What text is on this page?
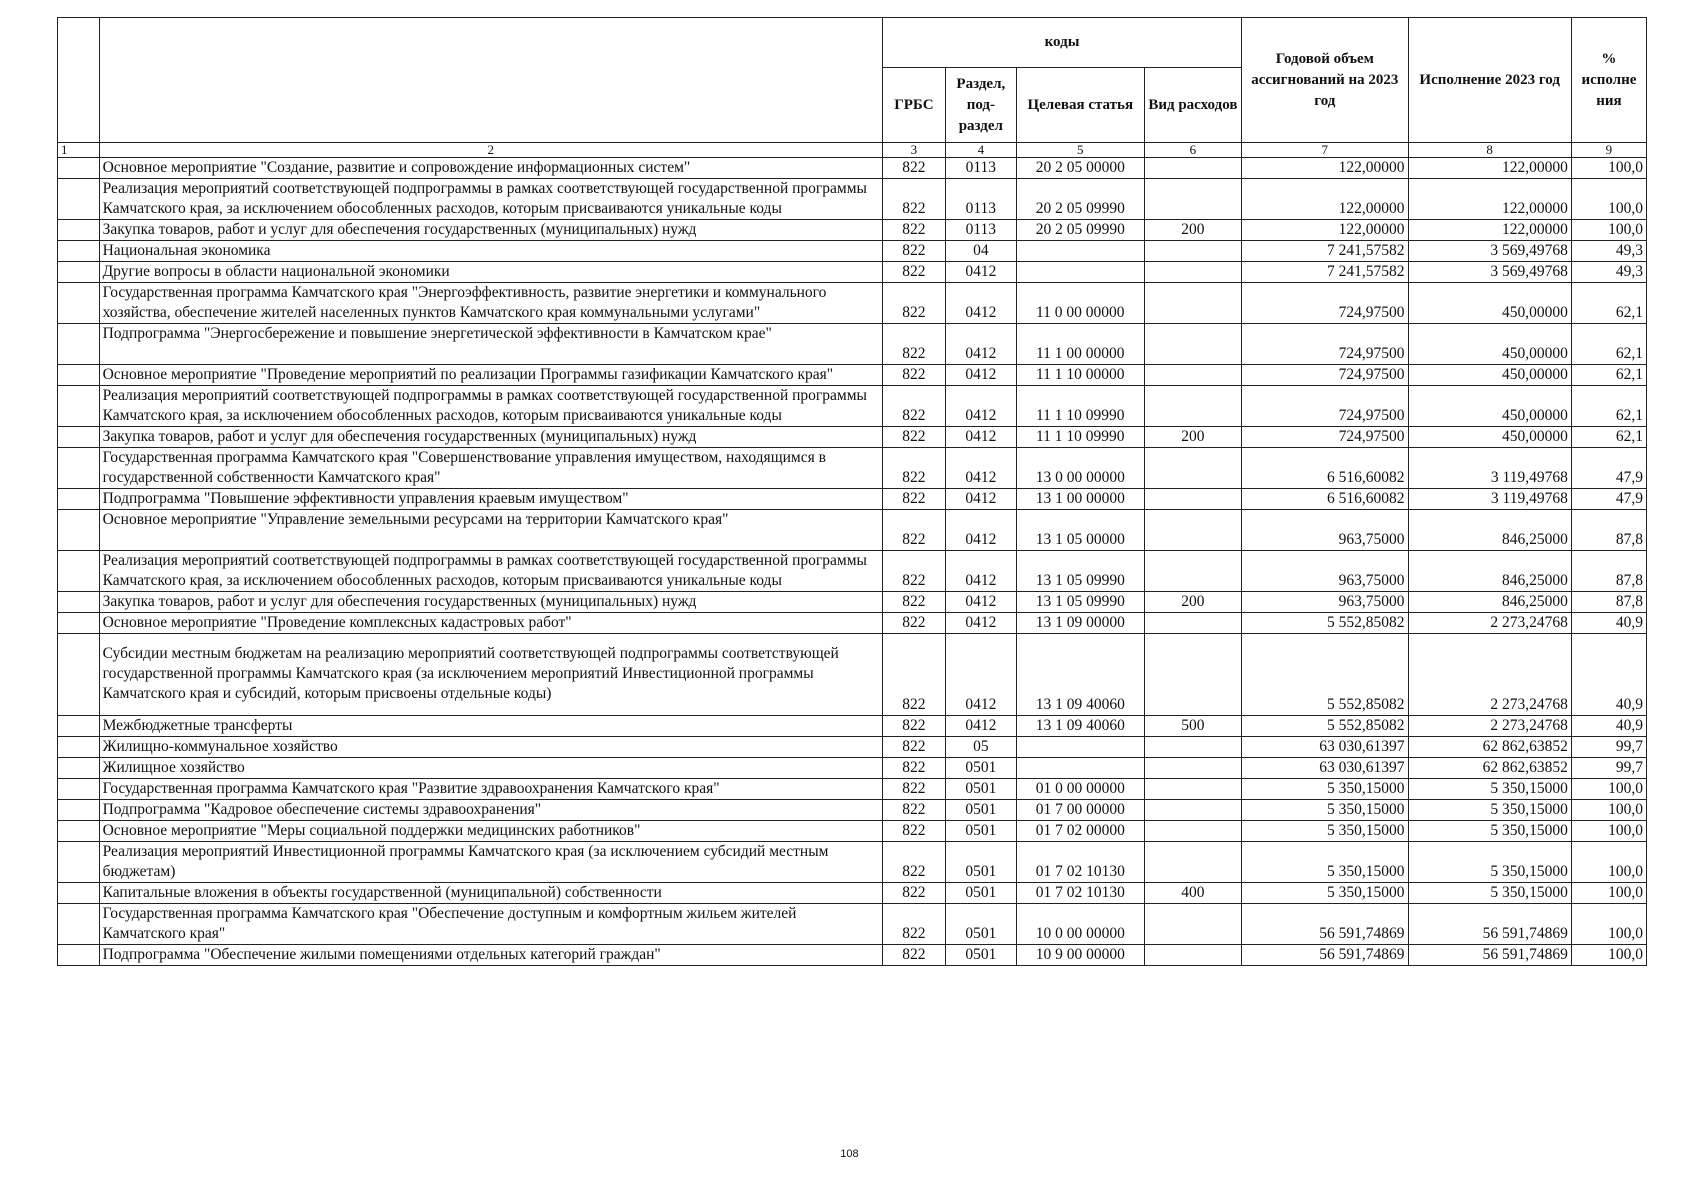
		коды				Годовой объем ассигнований на 2023 год	Исполнение 2023 год	% исполне ния
		ГРБС	Раздел, под-раздел	Целевая статья	Вид расходов			
1	2	3	4	5	6	7	8	9
	Основное мероприятие "Создание, развитие и сопровождение информационных систем"	822	0113	20 2 05 00000		122,00000	122,00000	100,0
	Реализация мероприятий соответствующей подпрограммы в рамках соответствующей государственной программы Камчатского края, за исключением обособленных расходов, которым присваиваются уникальные коды	822	0113	20 2 05 09990		122,00000	122,00000	100,0
	Закупка товаров, работ и услуг для обеспечения государственных (муниципальных) нужд	822	0113	20 2 05 09990	200	122,00000	122,00000	100,0
	Национальная экономика	822	04			7 241,57582	3 569,49768	49,3
	Другие вопросы в области национальной экономики	822	0412			7 241,57582	3 569,49768	49,3
	Государственная программа Камчатского края "Энергоэффективность, развитие энергетики и коммунального хозяйства, обеспечение жителей населенных пунктов Камчатского края коммунальными услугами"	822	0412	11 0 00 00000		724,97500	450,00000	62,1
	Подпрограмма "Энергосбережение и повышение энергетической эффективности в Камчатском крае"	822	0412	11 1 00 00000		724,97500	450,00000	62,1
	Основное мероприятие "Проведение мероприятий по реализации Программы газификации Камчатского края"	822	0412	11 1 10 00000		724,97500	450,00000	62,1
	Реализация мероприятий соответствующей подпрограммы в рамках соответствующей государственной программы Камчатского края, за исключением обособленных расходов, которым присваиваются уникальные коды	822	0412	11 1 10 09990		724,97500	450,00000	62,1
	Закупка товаров, работ и услуг для обеспечения государственных (муниципальных) нужд	822	0412	11 1 10 09990	200	724,97500	450,00000	62,1
	Государственная программа Камчатского края "Совершенствование управления имуществом, находящимся в государственной собственности Камчатского края"	822	0412	13 0 00 00000		6 516,60082	3 119,49768	47,9
	Подпрограмма "Повышение эффективности управления краевым имуществом"	822	0412	13 1 00 00000		6 516,60082	3 119,49768	47,9
	Основное мероприятие "Управление земельными ресурсами на территории Камчатского края"	822	0412	13 1 05 00000		963,75000	846,25000	87,8
	Реализация мероприятий соответствующей подпрограммы в рамках соответствующей государственной программы Камчатского края, за исключением обособленных расходов, которым присваиваются уникальные коды	822	0412	13 1 05 09990		963,75000	846,25000	87,8
	Закупка товаров, работ и услуг для обеспечения государственных (муниципальных) нужд	822	0412	13 1 05 09990	200	963,75000	846,25000	87,8
	Основное мероприятие "Проведение комплексных кадастровых работ"	822	0412	13 1 09 00000		5 552,85082	2 273,24768	40,9
	Субсидии местным бюджетам на реализацию мероприятий соответствующей подпрограммы соответствующей государственной программы Камчатского края (за исключением мероприятий Инвестиционной программы Камчатского края и субсидий, которым присвоены отдельные коды)	822	0412	13 1 09 40060		5 552,85082	2 273,24768	40,9
	Межбюджетные трансферты	822	0412	13 1 09 40060	500	5 552,85082	2 273,24768	40,9
	Жилищно-коммунальное хозяйство	822	05			63 030,61397	62 862,63852	99,7
	Жилищное хозяйство	822	0501			63 030,61397	62 862,63852	99,7
	Государственная программа Камчатского края "Развитие здравоохранения Камчатского края"	822	0501	01 0 00 00000		5 350,15000	5 350,15000	100,0
	Подпрограмма "Кадровое обеспечение системы здравоохранения"	822	0501	01 7 00 00000		5 350,15000	5 350,15000	100,0
	Основное мероприятие "Меры социальной поддержки медицинских работников"	822	0501	01 7 02 00000		5 350,15000	5 350,15000	100,0
	Реализация мероприятий Инвестиционной программы Камчатского края (за исключением субсидий местным бюджетам)	822	0501	01 7 02 10130		5 350,15000	5 350,15000	100,0
	Капитальные вложения в объекты государственной (муниципальной) собственности	822	0501	01 7 02 10130	400	5 350,15000	5 350,15000	100,0
	Государственная программа Камчатского края "Обеспечение доступным и комфортным жильем жителей Камчатского края"	822	0501	10 0 00 00000		56 591,74869	56 591,74869	100,0
	Подпрограмма "Обеспечение жилыми помещениями отдельных категорий граждан"	822	0501	10 9 00 00000		56 591,74869	56 591,74869	100,0
108
